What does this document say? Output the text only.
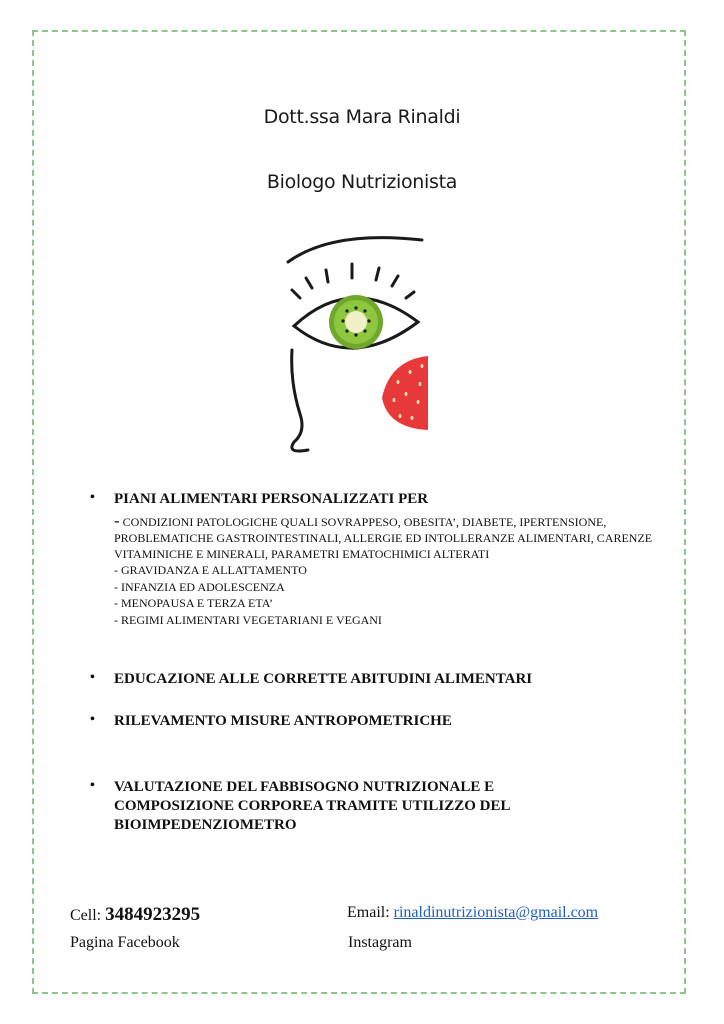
Dott.ssa Mara Rinaldi
Biologo Nutrizionista
• PIANI ALIMENTARI PERSONALIZZATI PER
- CONDIZIONI PATOLOGICHE QUALI SOVRAPPESO, OBESITA’, DIABETE, IPERTENSIONE, PROBLEMATICHE GASTROINTESTINALI, ALLERGIE ED INTOLLERANZE ALIMENTARI, CARENZE VITAMINICHE E MINERALI, PARAMETRI EMATOCHIMICI ALTERATI
- GRAVIDANZA E ALLATTAMENTO
- INFANZIA ED ADOLESCENZA
- MENOPAUSA E TERZA ETA’
- REGIMI ALIMENTARI VEGETARIANI E VEGANI
• EDUCAZIONE ALLE CORRETTE ABITUDINI ALIMENTARI
• RILEVAMENTO MISURE ANTROPOMETRICHE
• VALUTAZIONE DEL FABBISOGNO NUTRIZIONALE E COMPOSIZIONE CORPOREA TRAMITE UTILIZZO DEL BIOIMPEDENZIOMETRO
Cell: 3484923295	Email: rinaldinutrizionista@gmail.com
Pagina Facebook	Instagram
